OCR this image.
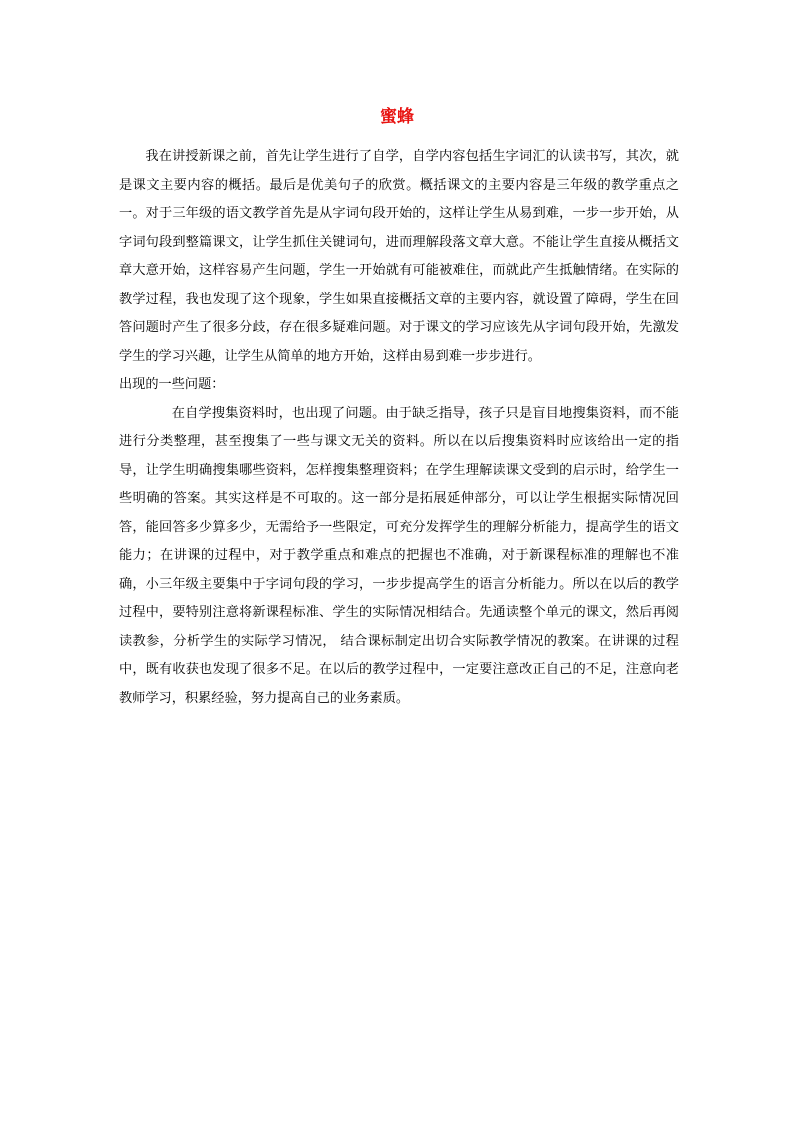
蜜蜂

我在讲授新课之前，首先让学生进行了自学，自学内容包括生字词汇的认读书写，其次，就是课文主要内容的概括。最后是优美句子的欣赏。概括课文的主要内容是三年级的教学重点之一。对于三年级的语文教学首先是从字词句段开始的，这样让学生从易到难，一步一步开始，从字词句段到整篇课文，让学生抓住关键词句，进而理解段落文章大意。不能让学生直接从概括文章大意开始，这样容易产生问题，学生一开始就有可能被难住，而就此产生抵触情绪。在实际的教学过程，我也发现了这个现象，学生如果直接概括文章的主要内容，就设置了障碍，学生在回答问题时产生了很多分歧，存在很多疑难问题。对于课文的学习应该先从字词句段开始，先激发学生的学习兴趣，让学生从简单的地方开始，这样由易到难一步步进行。

出现的一些问题：

在自学搜集资料时，也出现了问题。由于缺乏指导，孩子只是盲目地搜集资料，而不能进行分类整理，甚至搜集了一些与课文无关的资料。所以在以后搜集资料时应该给出一定的指导，让学生明确搜集哪些资料，怎样搜集整理资料；在学生理解读课文受到的启示时，给学生一些明确的答案。其实这样是不可取的。这一部分是拓展延伸部分，可以让学生根据实际情况回答，能回答多少算多少，无需给予一些限定，可充分发挥学生的理解分析能力，提高学生的语文能力；在讲课的过程中，对于教学重点和难点的把握也不准确，对于新课程标准的理解也不准确，小三年级主要集中于字词句段的学习，一步步提高学生的语言分析能力。所以在以后的教学过程中，要特别注意将新课程标准、学生的实际情况相结合。先通读整个单元的课文，然后再阅读教参，分析学生的实际学习情况， 结合课标制定出切合实际教学情况的教案。在讲课的过程中，既有收获也发现了很多不足。在以后的教学过程中，一定要注意改正自己的不足，注意向老教师学习，积累经验，努力提高自己的业务素质。
